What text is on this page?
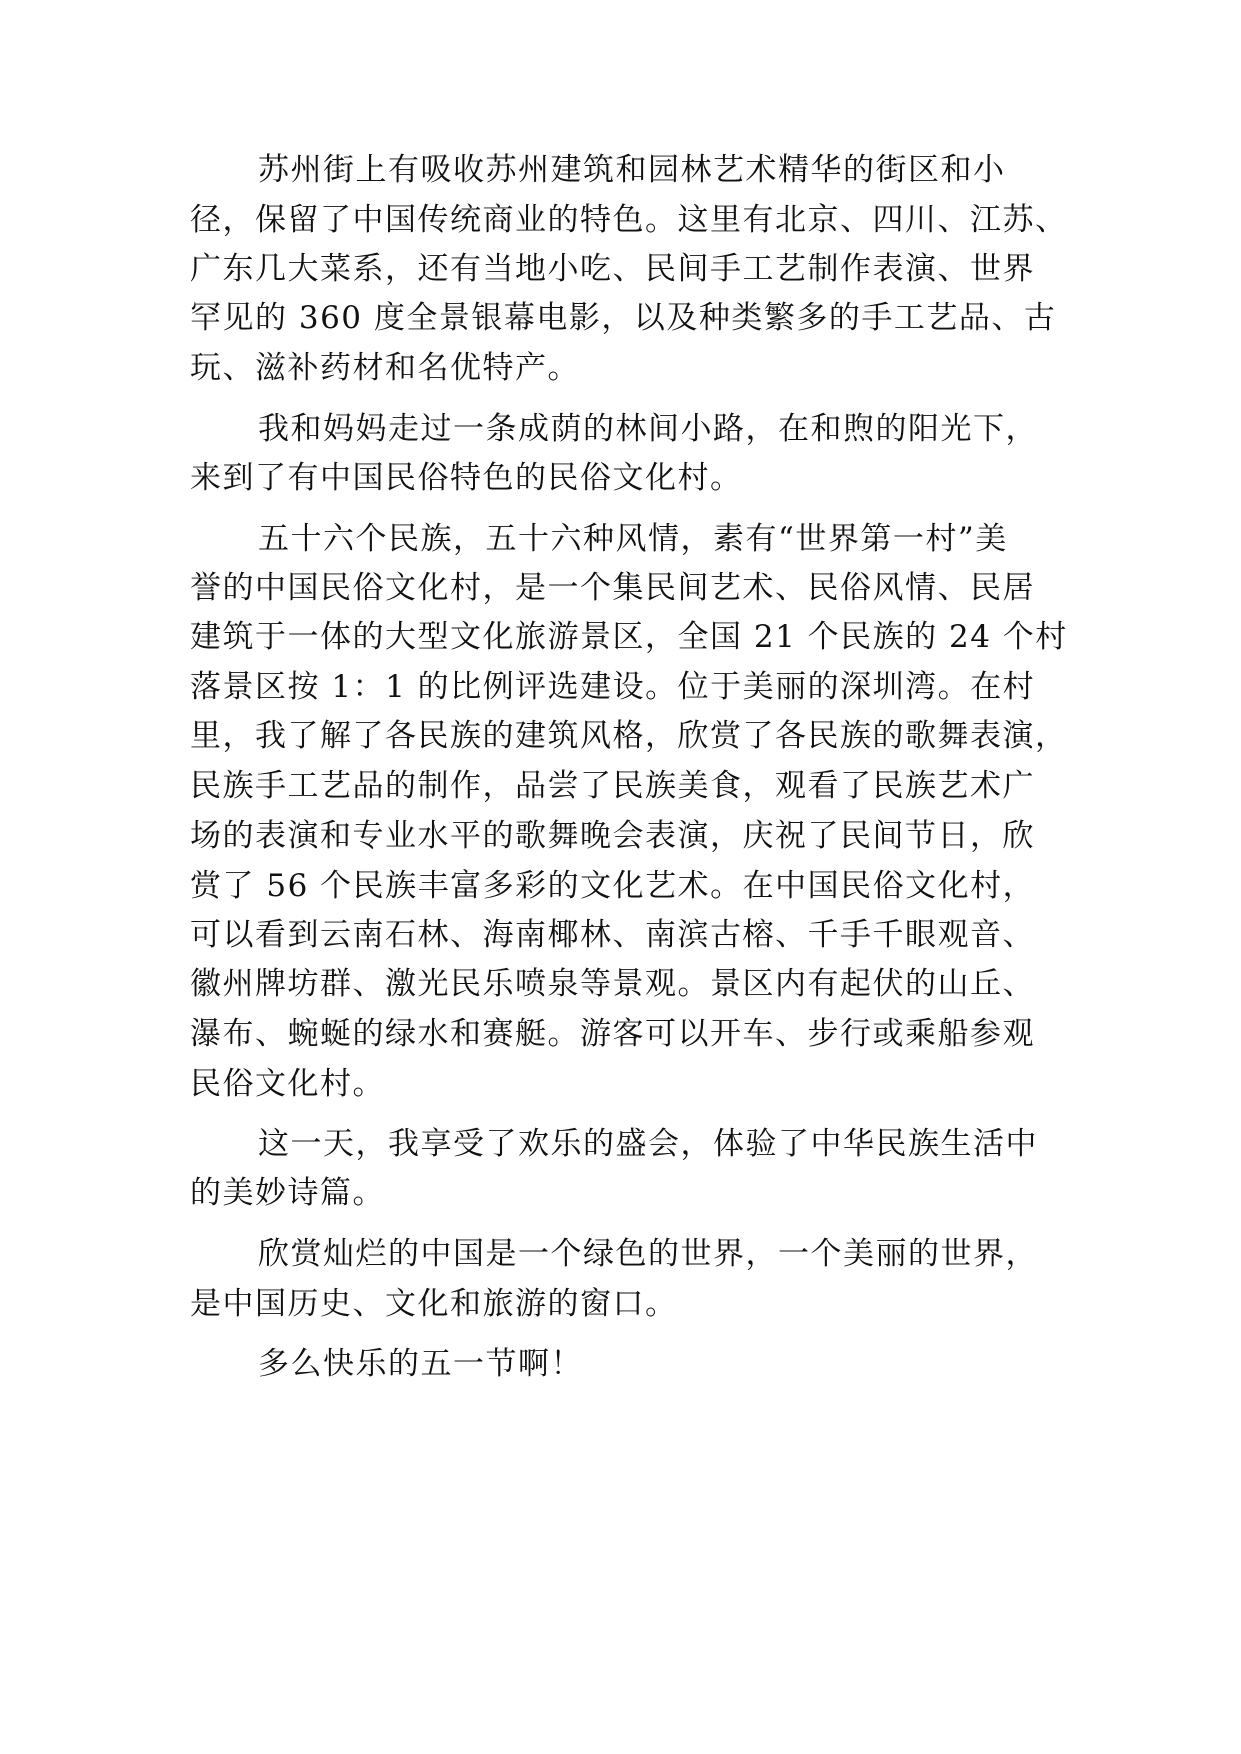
苏州街上有吸收苏州建筑和园林艺术精华的街区和小
径，保留了中国传统商业的特色。这里有北京、四川、江苏、
广东几大菜系，还有当地小吃、民间手工艺制作表演、世界
罕见的 360 度全景银幕电影，以及种类繁多的手工艺品、古
玩、滋补药材和名优特产。
我和妈妈走过一条成荫的林间小路，在和煦的阳光下，
来到了有中国民俗特色的民俗文化村。
五十六个民族，五十六种风情，素有“世界第一村”美
誉的中国民俗文化村，是一个集民间艺术、民俗风情、民居
建筑于一体的大型文化旅游景区，全国 21 个民族的 24 个村
落景区按 1：1 的比例评选建设。位于美丽的深圳湾。在村
里，我了解了各民族的建筑风格，欣赏了各民族的歌舞表演，
民族手工艺品的制作，品尝了民族美食，观看了民族艺术广
场的表演和专业水平的歌舞晚会表演，庆祝了民间节日，欣
赏了 56 个民族丰富多彩的文化艺术。在中国民俗文化村，
可以看到云南石林、海南椰林、南滨古榕、千手千眼观音、
徽州牌坊群、激光民乐喷泉等景观。景区内有起伏的山丘、
瀑布、蜿蜒的绿水和赛艇。游客可以开车、步行或乘船参观
民俗文化村。
这一天，我享受了欢乐的盛会，体验了中华民族生活中
的美妙诗篇。
欣赏灿烂的中国是一个绿色的世界，一个美丽的世界，
是中国历史、文化和旅游的窗口。
多么快乐的五一节啊！
